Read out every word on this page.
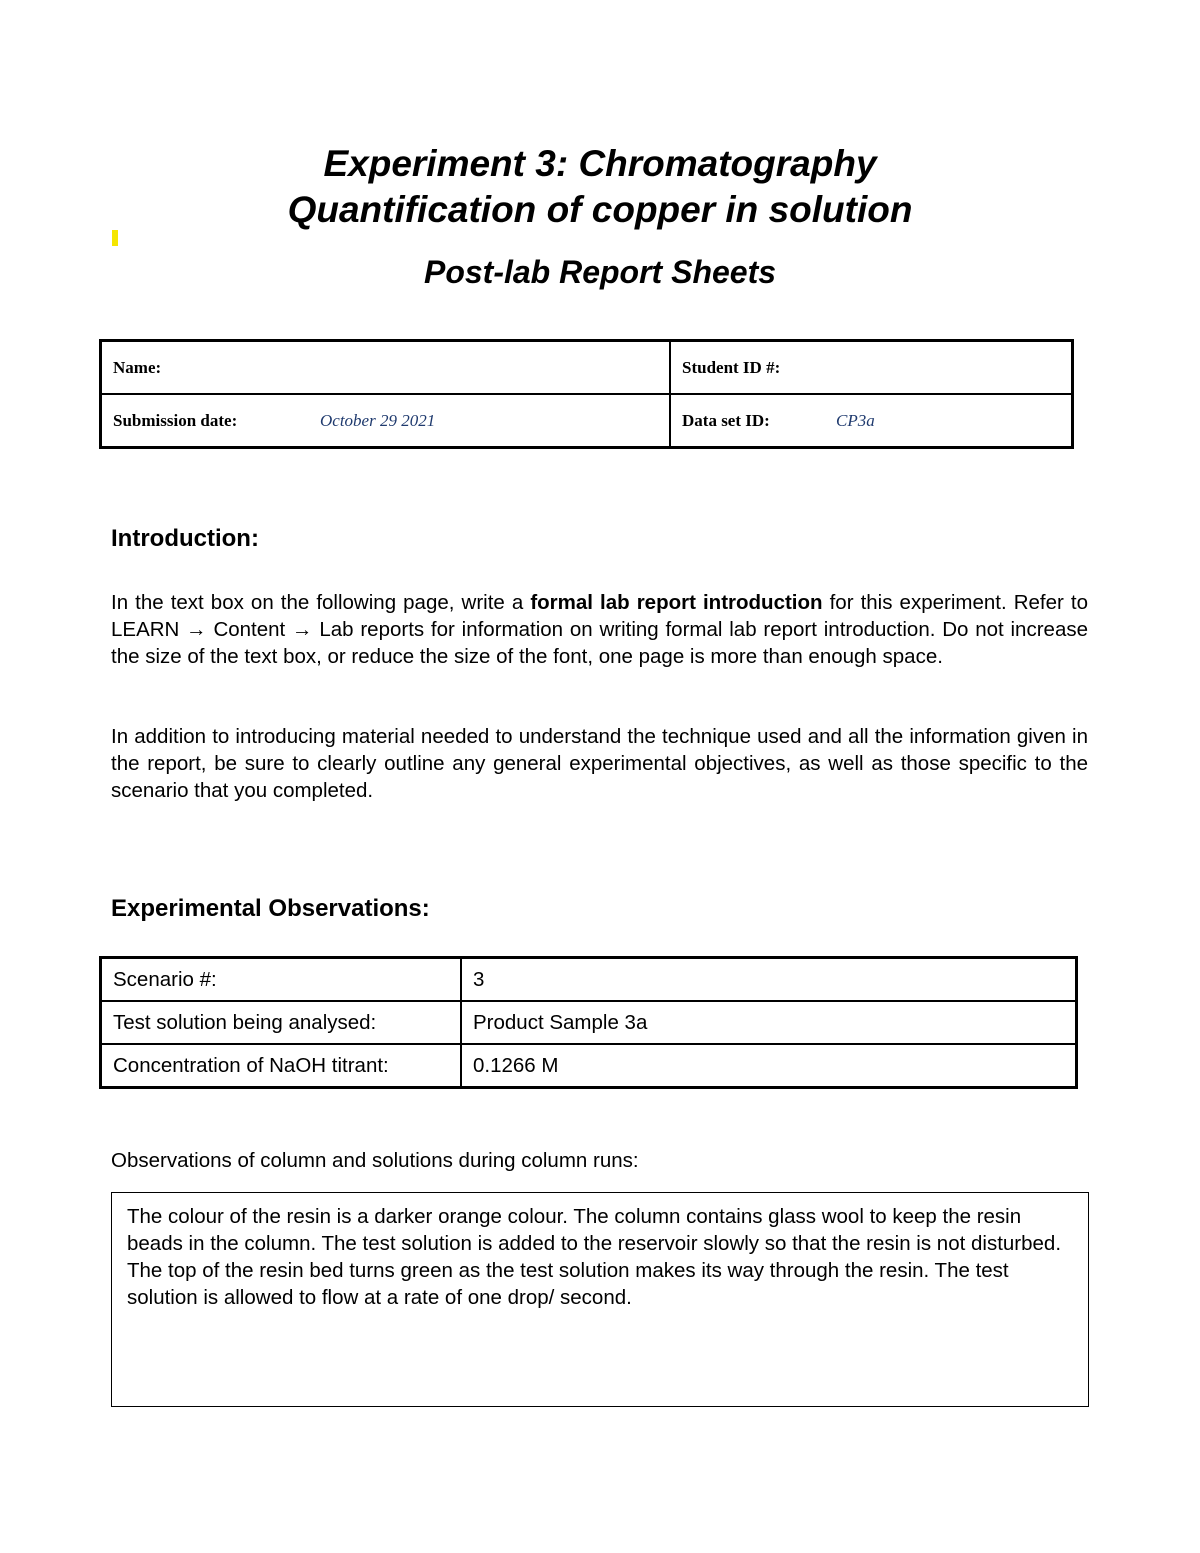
Experiment 3: Chromatography
Quantification of copper in solution
Post-lab Report Sheets
Name:	Student ID #:
Submission date: October 29 2021	Data set ID: CP3a
Introduction:
In the text box on the following page, write a formal lab report introduction for this experiment. Refer to LEARN → Content → Lab reports for information on writing formal lab report introduction. Do not increase the size of the text box, or reduce the size of the font, one page is more than enough space.
In addition to introducing material needed to understand the technique used and all the information given in the report, be sure to clearly outline any general experimental objectives, as well as those specific to the scenario that you completed.
Experimental Observations:
Scenario #:	3
Test solution being analysed:	Product Sample 3a
Concentration of NaOH titrant:	0.1266 M
Observations of column and solutions during column runs:
The colour of the resin is a darker orange colour. The column contains glass wool to keep the resin beads in the column. The test solution is added to the reservoir slowly so that the resin is not disturbed. The top of the resin bed turns green as the test solution makes its way through the resin. The test solution is allowed to flow at a rate of one drop/ second.
